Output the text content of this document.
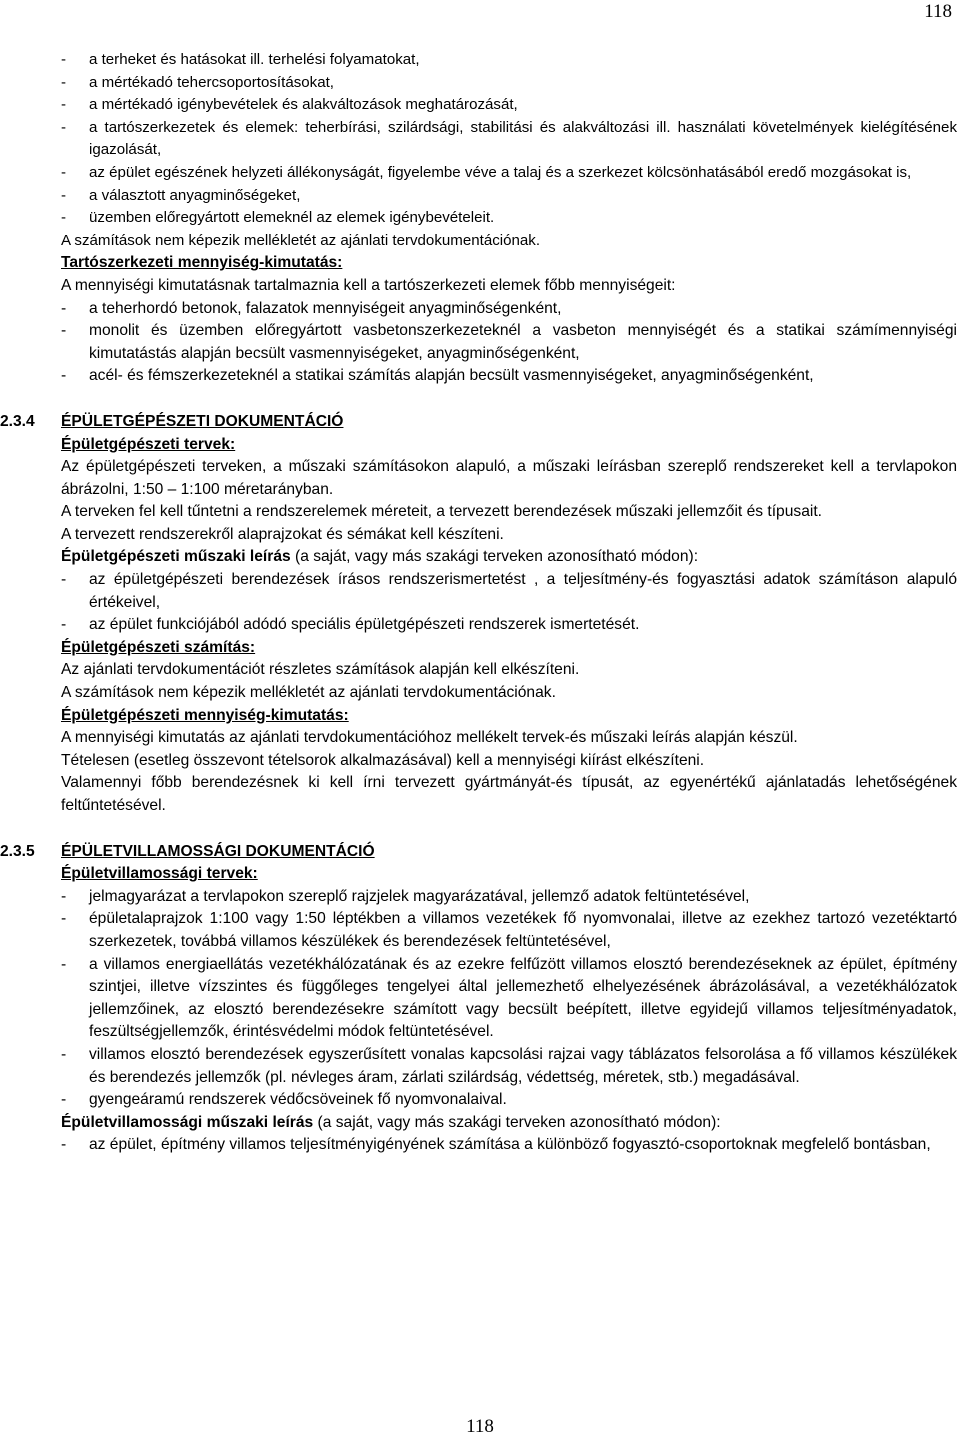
118
-	a terheket és hatásokat ill. terhelési folyamatokat,
-	a mértékadó tehercsoportosításokat,
-	a mértékadó igénybevételek és alakváltozások meghatározását,
-	a tartószerkezetek és elemek: teherbírási, szilárdsági, stabilitási és alakváltozási ill. használati követelmények kielégítésének igazolását,
-	az épület egészének helyzeti állékonyságát, figyelembe véve a talaj és a szerkezet kölcsönhatásából eredő mozgásokat is,
-	a választott anyagminőségeket,
-	üzemben előregyártott elemeknél az elemek igénybevételeit.
A számítások nem képezik mellékletét az ajánlati tervdokumentációnak.
Tartószerkezeti mennyiség-kimutatás:
A mennyiségi kimutatásnak tartalmaznia kell a tartószerkezeti elemek főbb mennyiségeit:
-	a teherhordó betonok, falazatok mennyiségeit anyagminőségenként,
-	monolit és üzemben előregyártott vasbetonszerkezeteknél a vasbeton mennyiségét és a statikai számímennyiségi kimutatástás alapján becsült vasmennyiségeket, anyagminőségenként,
-	acél- és fémszerkezeteknél a statikai számítás alapján becsült vasmennyiségeket, anyagminőségenként,
2.3.4	ÉPÜLETGÉPÉSZETI DOKUMENTÁCIÓ
Épületgépészeti tervek:
Az épületgépészeti terveken, a műszaki számításokon alapuló, a műszaki leírásban szereplő rendszereket kell a tervlapokon ábrázolni, 1:50 – 1:100 méretarányban.
A terveken fel kell tűntetni a rendszerelemek méreteit, a tervezett berendezések műszaki jellemzőit és típusait.
A tervezett rendszerekről alaprajzokat és sémákat kell készíteni.
Épületgépészeti műszaki leírás (a saját, vagy más szakági terveken azonosítható módon):
-	az épületgépészeti berendezések írásos rendszerismertetést , a teljesítmény-és fogyasztási adatok számításon alapuló értékeivel,
-	az épület funkciójából adódó speciális épületgépészeti rendszerek ismertetését.
Épületgépészeti számítás:
Az ajánlati tervdokumentációt részletes számítások alapján kell elkészíteni.
A számítások nem képezik mellékletét az ajánlati tervdokumentációnak.
Épületgépészeti mennyiség-kimutatás:
A mennyiségi kimutatás az ajánlati tervdokumentációhoz mellékelt tervek-és műszaki leírás alapján készül.
Tételesen (esetleg összevont tételsorok alkalmazásával) kell a mennyiségi kiírást elkészíteni.
Valamennyi főbb berendezésnek ki kell írni tervezett gyártmányát-és típusát, az egyenértékű ajánlatadás lehetőségének feltűntetésével.
2.3.5	ÉPÜLETVILLAMOSSÁGI DOKUMENTÁCIÓ
Épületvillamossági tervek:
-	jelmagyarázat a tervlapokon szereplő rajzjelek magyarázatával, jellemző adatok feltüntetésével,
-	épületalaprajzok 1:100 vagy 1:50 léptékben a villamos vezetékek fő nyomvonalai, illetve az ezekhez tartozó vezetéktartó szerkezetek, továbbá villamos készülékek és berendezések feltüntetésével,
-	a villamos energiaellátás vezetékhálózatának és az ezekre felfűzött villamos elosztó berendezéseknek az épület, építmény szintjei, illetve vízszintes és függőleges tengelyei által jellemezhető elhelyezésének ábrázolásával, a vezetékhálózatok jellemzőinek, az elosztó berendezésekre számított vagy becsült beépített, illetve egyidejű villamos teljesítményadatok, feszültségjellemzők, érintésvédelmi módok feltüntetésével.
-	villamos elosztó berendezések egyszerűsített vonalas kapcsolási rajzai vagy táblázatos felsorolása a fő villamos készülékek és berendezés jellemzők (pl. névleges áram, zárlati szilárdság, védettség, méretek, stb.) megadásával.
-	gyengeáramú rendszerek védőcsöveinek fő nyomvonalaival.
Épületvillamossági műszaki leírás (a saját, vagy más szakági terveken azonosítható módon):
-	az épület, építmény villamos teljesítményigényének számítása a különböző fogyasztó-csoportoknak megfelelő bontásban,
118
